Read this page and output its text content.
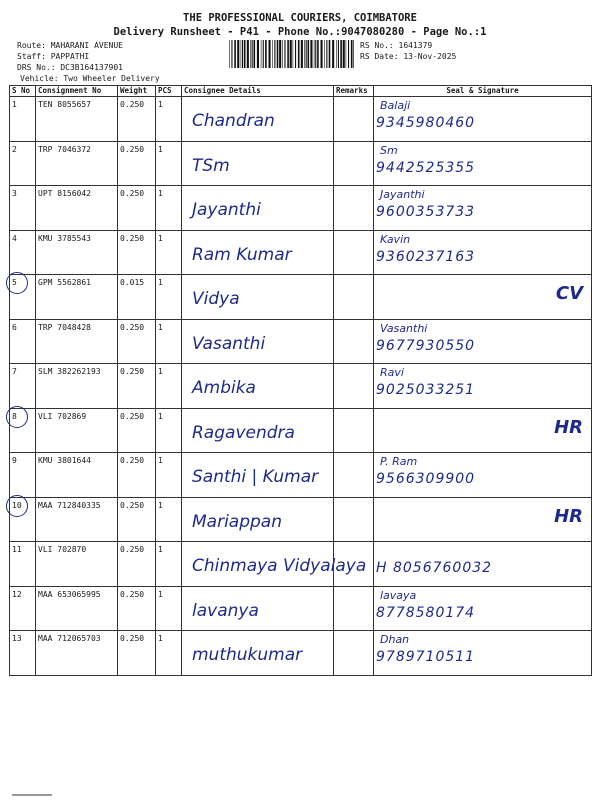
THE PROFESSIONAL COURIERS, COIMBATORE
Delivery Runsheet - P41 - Phone No.:9047080280 - Page No.:1
Route: MAHARANI AVENUE
Staff: PAPPATHI
DRS No.: DC3B164137901
Vehicle: Two Wheeler Delivery
RS No.: 1641379
RS Date: 13-Nov-2025
S No	Consignment No	Weight	PCS	Consignee Details	Remarks	Seal & Signature
1	TEN 8055657	0.250	1	Chandran		Balaji
9345980460

2	TRP 7046372	0.250	1	TSm		Sm
9442525355

3	UPT 8156042	0.250	1	Jayanthi		Jayanthi
9600353733

4	KMU 3785543	0.250	1	Ram Kumar		Kavin
9360237163

5	GPM 5562861	0.015	1	Vidya		CV

6	TRP 7048428	0.250	1	Vasanthi		Vasanthi
9677930550

7	SLM 382262193	0.250	1	Ambika		Ravi
9025033251

8	VLI 702869	0.250	1	Ragavendra		HR

9	KMU 3801644	0.250	1	Santhi | Kumar		P. Ram
9566309900

10	MAA 712840335	0.250	1	Mariappan		HR

11	VLI 702870	0.250	1	Chinmaya Vidyalaya		H 8056760032

12	MAA 653065995	0.250	1	lavanya		lavaya
8778580174

13	MAA 712065703	0.250	1	muthukumar		Dhan
9789710511
